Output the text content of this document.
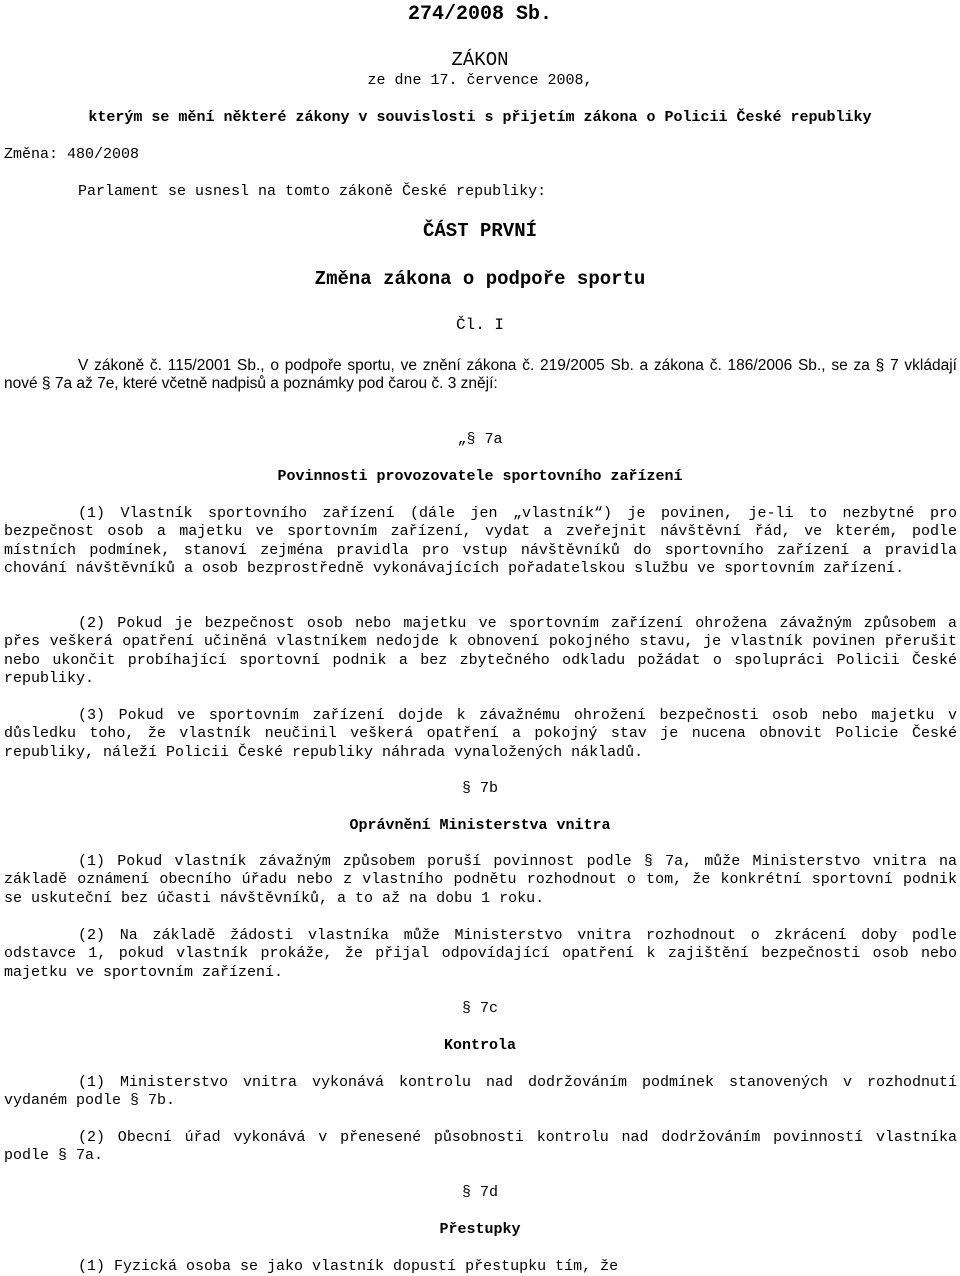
274/2008 Sb.
ZÁKON
ze dne 17. července 2008,
kterým se mění některé zákony v souvislosti s přijetím zákona o Policii České republiky
Změna: 480/2008
Parlament se usnesl na tomto zákoně České republiky:
ČÁST PRVNÍ
Změna zákona o podpoře sportu
Čl. I
V zákoně č. 115/2001 Sb., o podpoře sportu, ve znění zákona č. 219/2005 Sb. a zákona č. 186/2006 Sb., se za § 7 vkládají nové § 7a až 7e, které včetně nadpisů a poznámky pod čarou č. 3 znějí:
„§ 7a
Povinnosti provozovatele sportovního zařízení
(1) Vlastník sportovního zařízení (dále jen „vlastník“) je povinen, je-li to nezbytné pro bezpečnost osob a majetku ve sportovním zařízení, vydat a zveřejnit návštěvní řád, ve kterém, podle místních podmínek, stanoví zejména pravidla pro vstup návštěvníků do sportovního zařízení a pravidla chování návštěvníků a osob bezprostředně vykonávajících pořadatelskou službu ve sportovním zařízení.
(2) Pokud je bezpečnost osob nebo majetku ve sportovním zařízení ohrožena závažným způsobem a přes veškerá opatření učiněná vlastníkem nedojde k obnovení pokojného stavu, je vlastník povinen přerušit nebo ukončit probíhající sportovní podnik a bez zbytečného odkladu požádat o spolupráci Policii České republiky.
(3) Pokud ve sportovním zařízení dojde k závažnému ohrožení bezpečnosti osob nebo majetku v důsledku toho, že vlastník neučinil veškerá opatření a pokojný stav je nucena obnovit Policie České republiky, náleží Policii České republiky náhrada vynaložených nákladů.
§ 7b
Oprávnění Ministerstva vnitra
(1) Pokud vlastník závažným způsobem poruší povinnost podle § 7a, může Ministerstvo vnitra na základě oznámení obecního úřadu nebo z vlastního podnětu rozhodnout o tom, že konkrétní sportovní podnik se uskuteční bez účasti návštěvníků, a to až na dobu 1 roku.
(2) Na základě žádosti vlastníka může Ministerstvo vnitra rozhodnout o zkrácení doby podle odstavce 1, pokud vlastník prokáže, že přijal odpovídající opatření k zajištění bezpečnosti osob nebo majetku ve sportovním zařízení.
§ 7c
Kontrola
(1) Ministerstvo vnitra vykonává kontrolu nad dodržováním podmínek stanovených v rozhodnutí vydaném podle § 7b.
(2) Obecní úřad vykonává v přenesené působnosti kontrolu nad dodržováním povinností vlastníka podle § 7a.
§ 7d
Přestupky
(1) Fyzická osoba se jako vlastník dopustí přestupku tím, že
